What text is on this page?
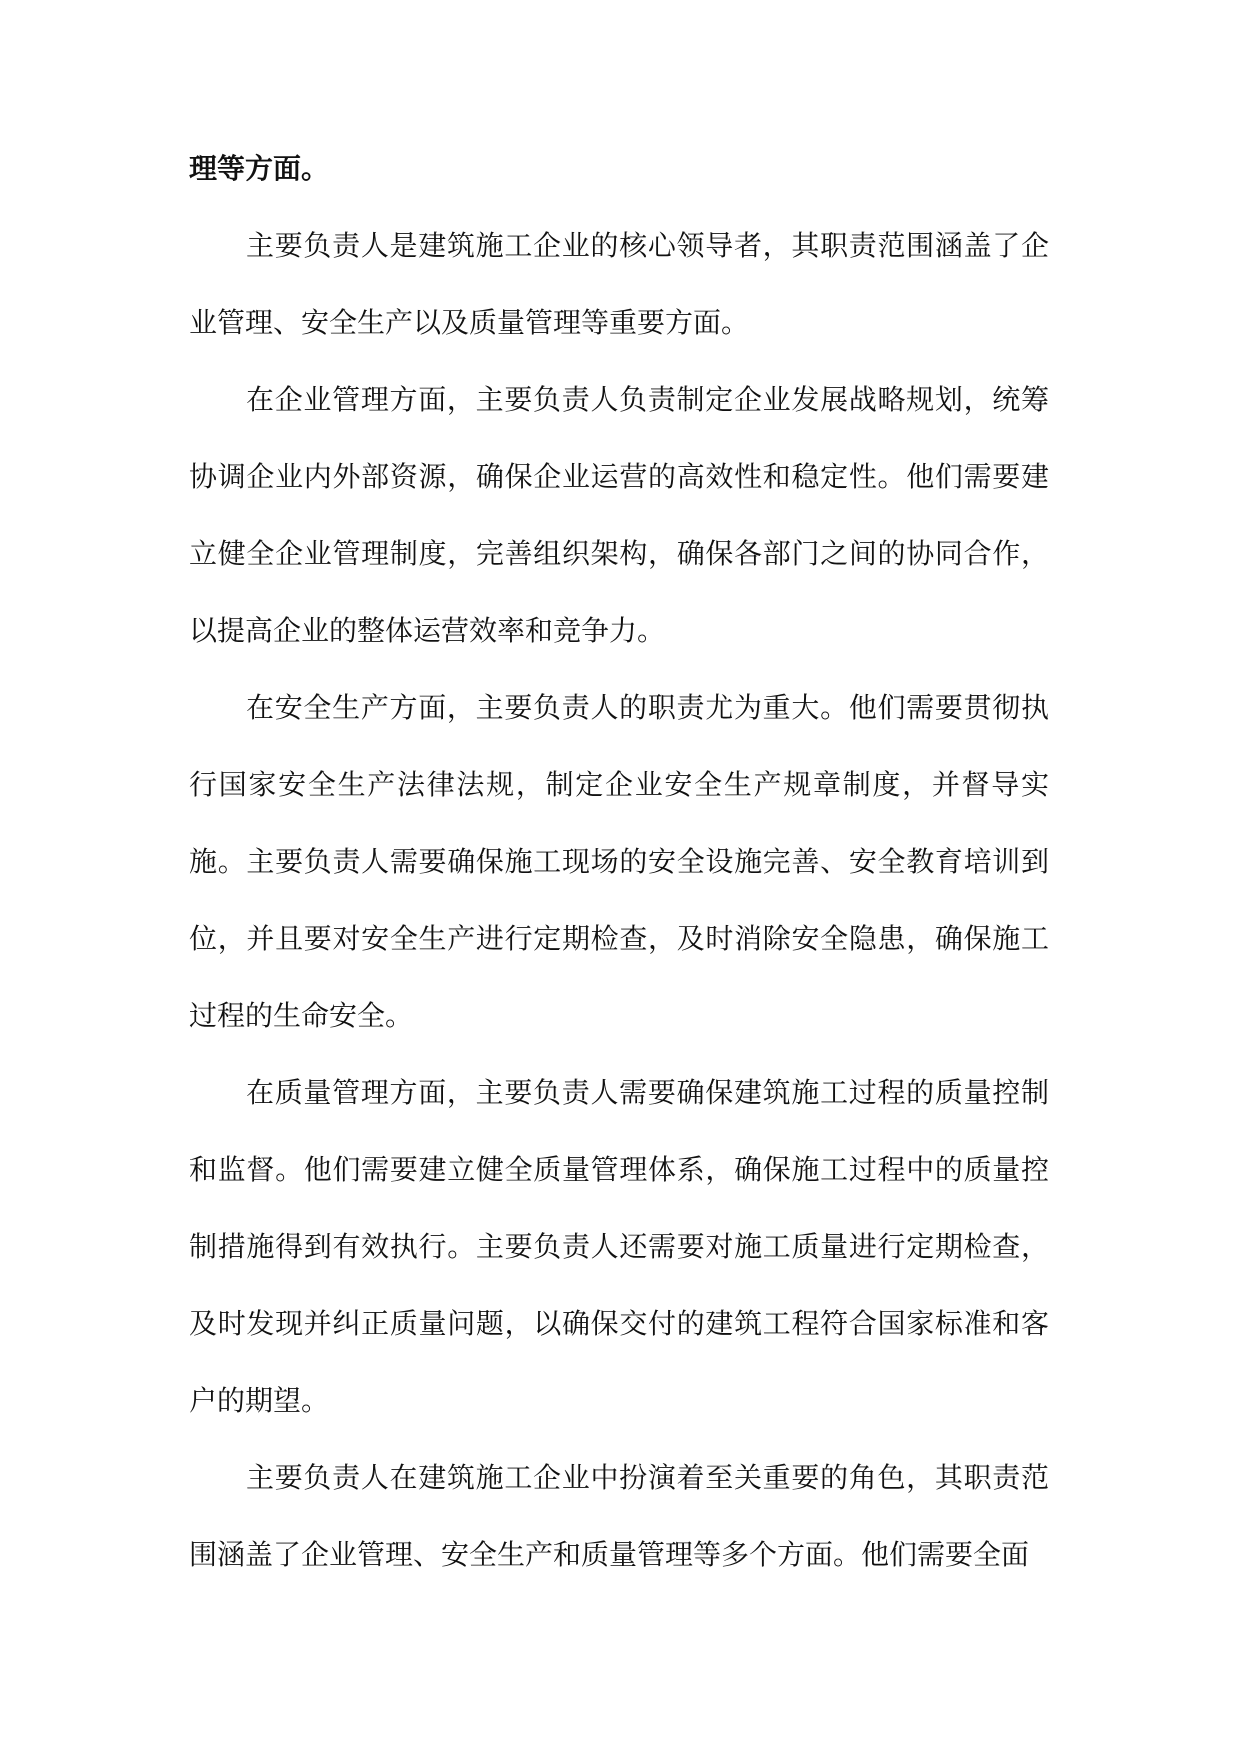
理等方面。

主要负责人是建筑施工企业的核心领导者，其职责范围涵盖了企业管理、安全生产以及质量管理等重要方面。

在企业管理方面，主要负责人负责制定企业发展战略规划，统筹协调企业内外部资源，确保企业运营的高效性和稳定性。他们需要建立健全企业管理制度，完善组织架构，确保各部门之间的协同合作，以提高企业的整体运营效率和竞争力。

在安全生产方面，主要负责人的职责尤为重大。他们需要贯彻执行国家安全生产法律法规，制定企业安全生产规章制度，并督导实施。主要负责人需要确保施工现场的安全设施完善、安全教育培训到位，并且要对安全生产进行定期检查，及时消除安全隐患，确保施工过程的生命安全。

在质量管理方面，主要负责人需要确保建筑施工过程的质量控制和监督。他们需要建立健全质量管理体系，确保施工过程中的质量控制措施得到有效执行。主要负责人还需要对施工质量进行定期检查，及时发现并纠正质量问题，以确保交付的建筑工程符合国家标准和客户的期望。

主要负责人在建筑施工企业中扮演着至关重要的角色，其职责范围涵盖了企业管理、安全生产和质量管理等多个方面。他们需要全面
